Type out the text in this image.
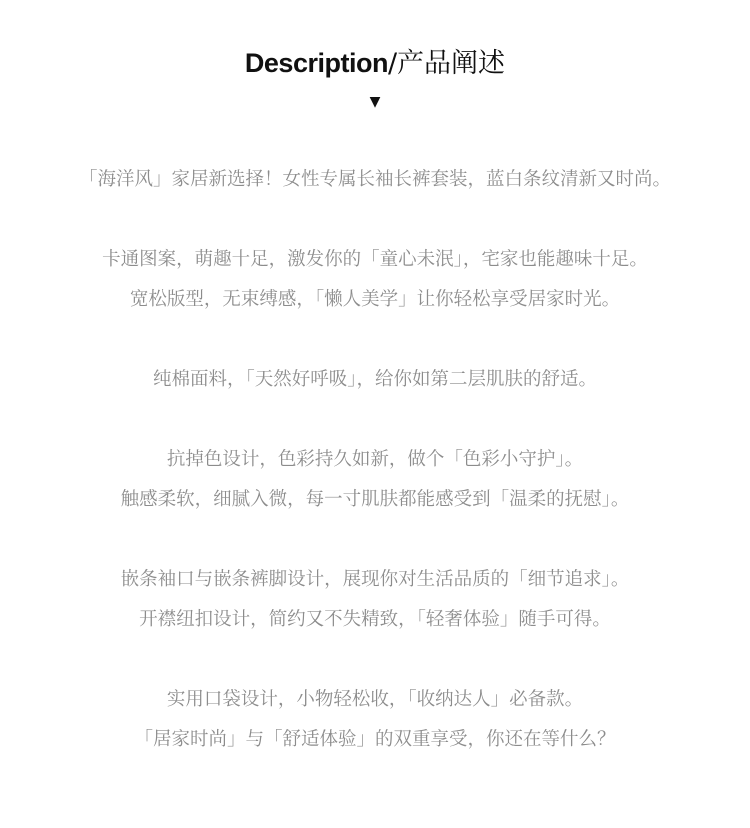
Description/产品阐述
▼
「海洋风」家居新选择！女性专属长袖长裤套装，蓝白条纹清新又时尚。
卡通图案，萌趣十足，激发你的「童心未泯」，宅家也能趣味十足。
宽松版型，无束缚感，「懒人美学」让你轻松享受居家时光。
纯棉面料，「天然好呼吸」，给你如第二层肌肤的舒适。
抗掉色设计，色彩持久如新，做个「色彩小守护」。
触感柔软，细腻入微，每一寸肌肤都能感受到「温柔的抚慰」。
嵌条袖口与嵌条裤脚设计，展现你对生活品质的「细节追求」。
开襟纽扣设计，简约又不失精致，「轻奢体验」随手可得。
实用口袋设计，小物轻松收，「收纳达人」必备款。
「居家时尚」与「舒适体验」的双重享受，你还在等什么？
